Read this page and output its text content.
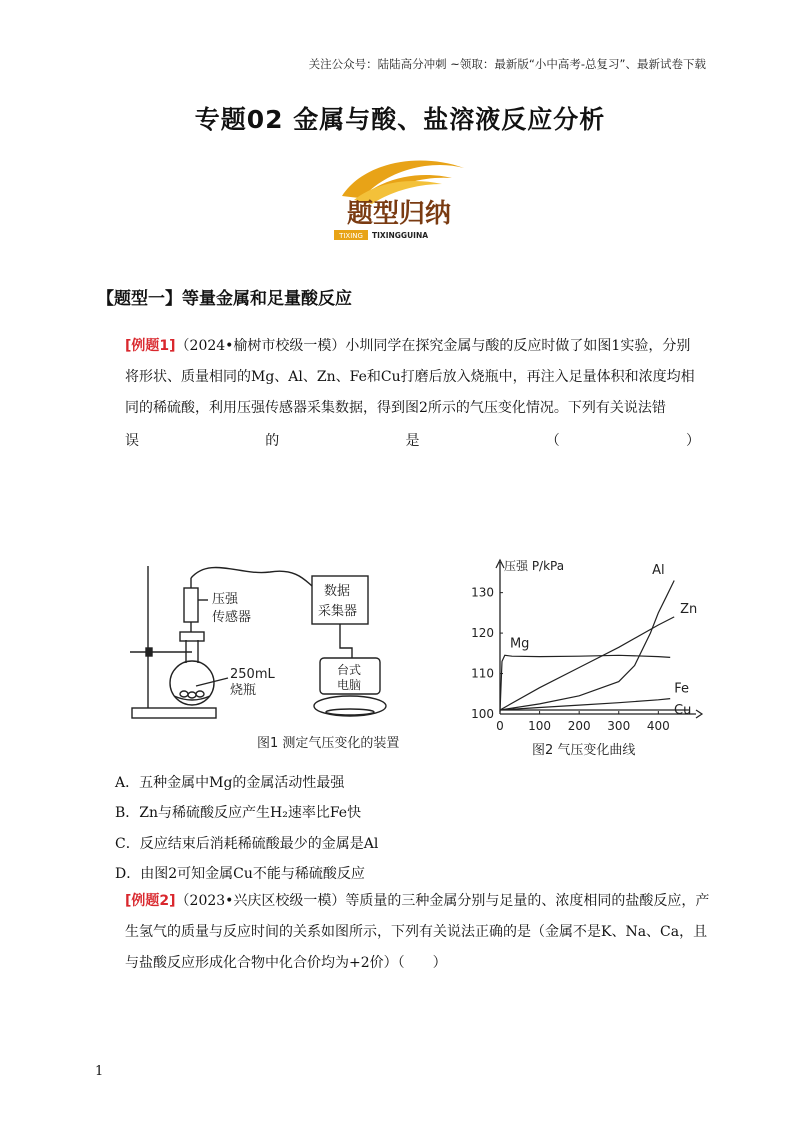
关注公众号：陆陆高分冲刺 ~领取：最新版“小中高考-总复习”、最新试卷下载
专题02 金属与酸、盐溶液反应分析
题型归纳
TIXING TIXINGGUINA
【题型一】等量金属和足量酸反应
[例题1]（2024•榆树市校级一模）小圳同学在探究金属与酸的反应时做了如图1实验，分别将形状、质量相同的Mg、Al、Zn、Fe和Cu打磨后放入烧瓶中，再注入足量体积和浓度均相同的稀硫酸，利用压强传感器采集数据，得到图2所示的气压变化情况。下列有关说法错
误	的	是	（	）
压强
传感器
数据
采集器
台式
电脑
250mL
烧瓶
图1 测定气压变化的装置
0 100 200 300 400
100
110
120
130
压强 P/kPa
Mg
Al
Zn
Fe
Cu
图2 气压变化曲线
A．五种金属中Mg的金属活动性最强
B．Zn与稀硫酸反应产生H₂速率比Fe快
C．反应结束后消耗稀硫酸最少的金属是Al
D．由图2可知金属Cu不能与稀硫酸反应
[例题2]（2023•兴庆区校级一模）等质量的三种金属分别与足量的、浓度相同的盐酸反应，产生氢气的质量与反应时间的关系如图所示，下列有关说法正确的是（金属不是K、Na、Ca，且与盐酸反应形成化合物中化合价均为+2价）（　　）
1
